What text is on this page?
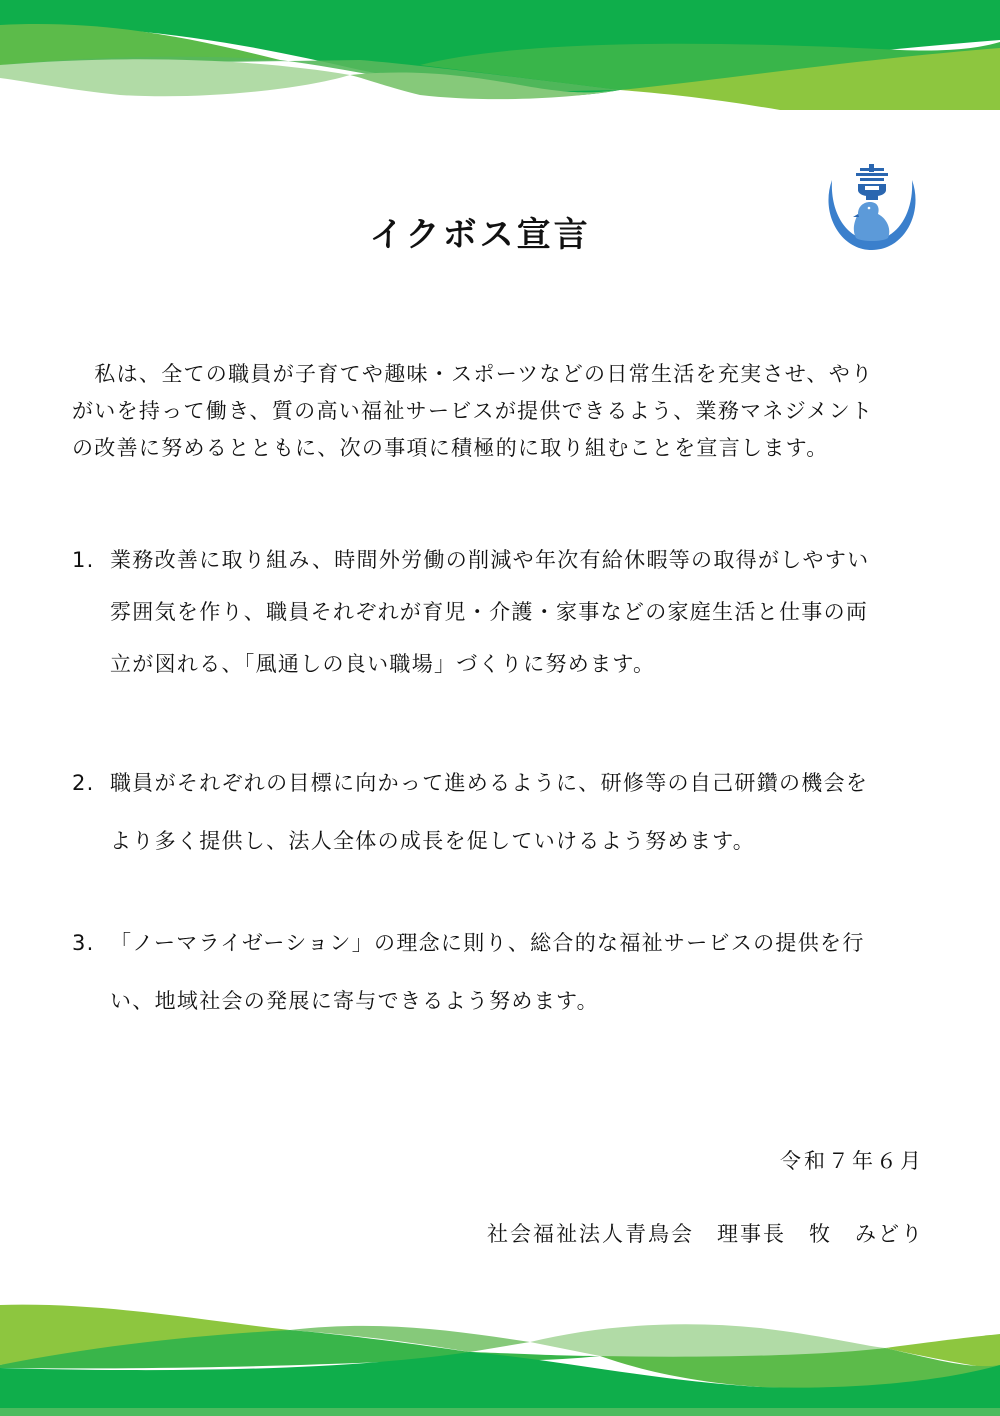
イクボス宣言
　私は、全ての職員が子育てや趣味・スポーツなどの日常生活を充実させ、やり
がいを持って働き、質の高い福祉サービスが提供できるよう、業務マネジメント
の改善に努めるとともに、次の事項に積極的に取り組むことを宣言します。
1. 業務改善に取り組み、時間外労働の削減や年次有給休暇等の取得がしやすい
雰囲気を作り、職員それぞれが育児・介護・家事などの家庭生活と仕事の両
立が図れる、「風通しの良い職場」づくりに努めます。
2. 職員がそれぞれの目標に向かって進めるように、研修等の自己研鑽の機会を
より多く提供し、法人全体の成長を促していけるよう努めます。
3. 「ノーマライゼーション」の理念に則り、総合的な福祉サービスの提供を行
い、地域社会の発展に寄与できるよう努めます。
令和７年６月
社会福祉法人青鳥会　理事長　牧　みどり
